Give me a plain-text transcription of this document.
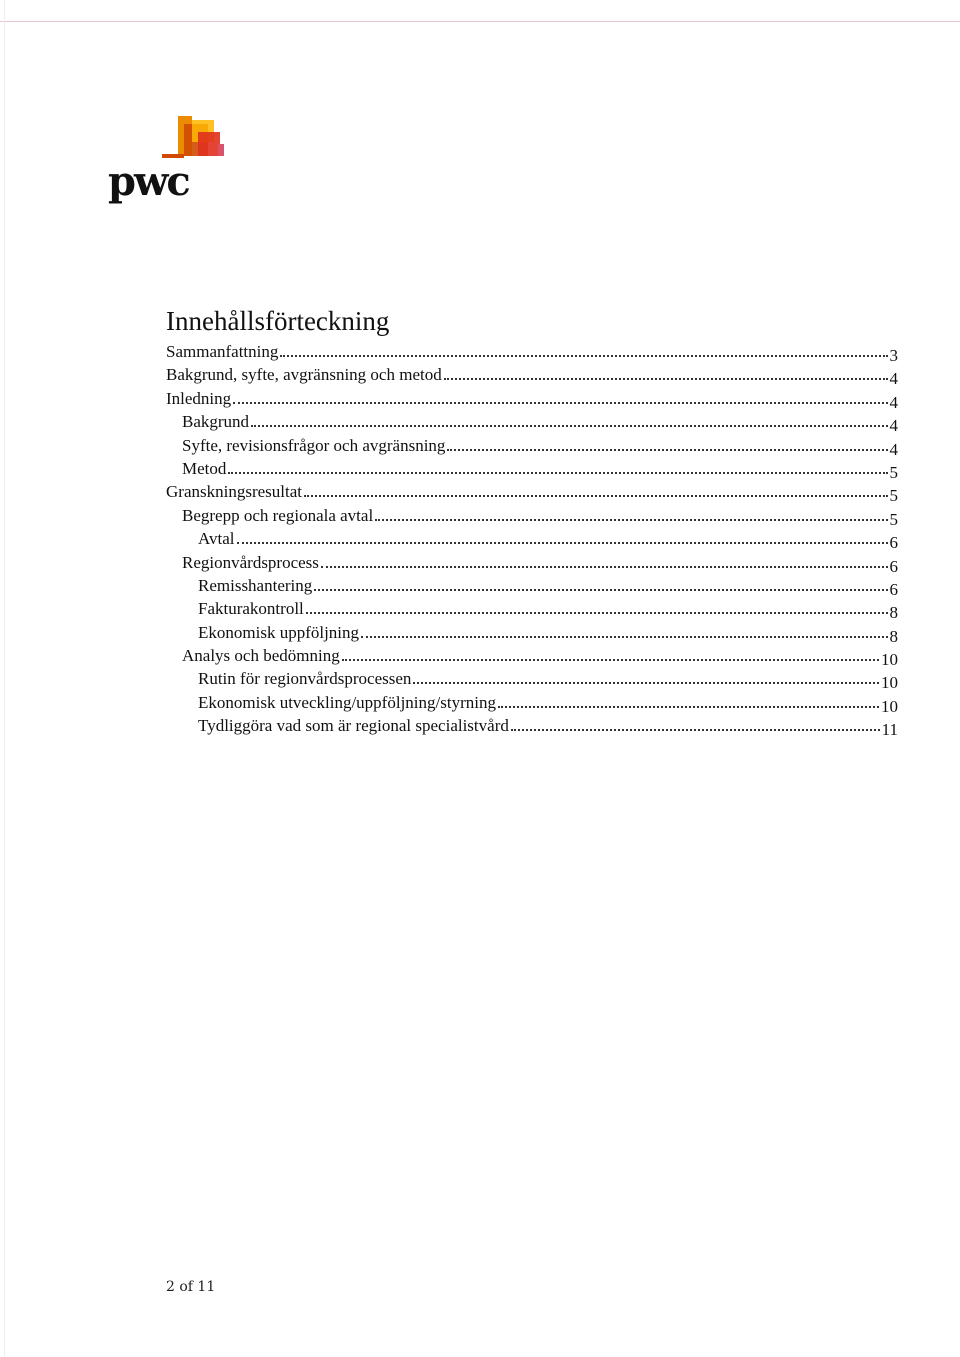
pwc
Innehållsförteckning
Sammanfattning	3
Bakgrund, syfte, avgränsning och metod	4
Inledning	4
Bakgrund	4
Syfte, revisionsfrågor och avgränsning	4
Metod	5
Granskningsresultat	5
Begrepp och regionala avtal	5
Avtal	6
Regionvårdsprocess	6
Remisshantering	6
Fakturakontroll	8
Ekonomisk uppföljning	8
Analys och bedömning	10
Rutin för regionvårdsprocessen	10
Ekonomisk utveckling/uppföljning/styrning	10
Tydliggöra vad som är regional specialistvård	11
2 of 11
